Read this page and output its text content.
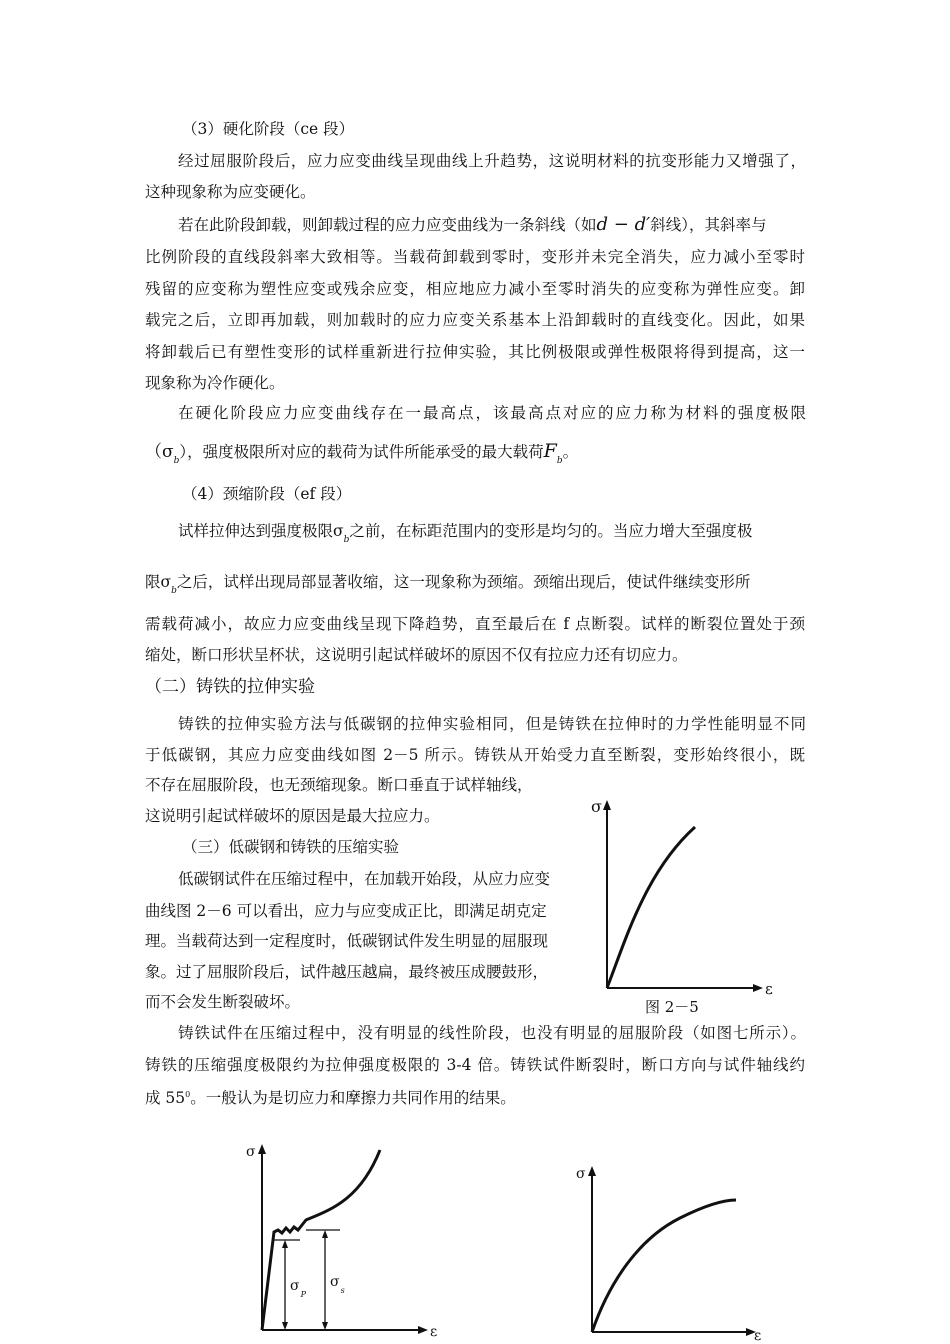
（3）硬化阶段（ce 段）
经过屈服阶段后，应力应变曲线呈现曲线上升趋势，这说明材料的抗变形能力又增强了，
这种现象称为应变硬化。
若在此阶段卸载，则卸载过程的应力应变曲线为一条斜线（如d − d′斜线），其斜率与
比例阶段的直线段斜率大致相等。当载荷卸载到零时，变形并未完全消失，应力减小至零时
残留的应变称为塑性应变或残余应变，相应地应力减小至零时消失的应变称为弹性应变。卸
载完之后，立即再加载，则加载时的应力应变关系基本上沿卸载时的直线变化。因此，如果
将卸载后已有塑性变形的试样重新进行拉伸实验，其比例极限或弹性极限将得到提高，这一
现象称为冷作硬化。
在硬化阶段应力应变曲线存在一最高点，该最高点对应的应力称为材料的强度极限
$(\sigma_b)$，强度极限所对应的载荷为试件所能承受的最大载荷$F_b$。
（4）颈缩阶段（ef 段）
试样拉伸达到强度极限$\sigma_b$之前，在标距范围内的变形是均匀的。当应力增大至强度极
限$\sigma_b$之后，试样出现局部显著收缩，这一现象称为颈缩。颈缩出现后，使试件继续变形所
需载荷减小，故应力应变曲线呈现下降趋势，直至最后在 f 点断裂。试样的断裂位置处于颈
缩处，断口形状呈杯状，这说明引起试样破坏的原因不仅有拉应力还有切应力。
（二）铸铁的拉伸实验
铸铁的拉伸实验方法与低碳钢的拉伸实验相同，但是铸铁在拉伸时的力学性能明显不同
于低碳钢，其应力应变曲线如图 2－5 所示。铸铁从开始受力直至断裂，变形始终很小，既
不存在屈服阶段，也无颈缩现象。断口垂直于试样轴线，
这说明引起试样破坏的原因是最大拉应力。
（三）低碳钢和铸铁的压缩实验
低碳钢试件在压缩过程中，在加载开始段，从应力应变
曲线图 2－6 可以看出，应力与应变成正比，即满足胡克定
理。当载荷达到一定程度时，低碳钢试件发生明显的屈服现
象。过了屈服阶段后，试件越压越扁，最终被压成腰鼓形，
而不会发生断裂破坏。
铸铁试件在压缩过程中，没有明显的线性阶段，也没有明显的屈服阶段（如图七所示）。
铸铁的压缩强度极限约为拉伸强度极限的 3-4 倍。铸铁试件断裂时，断口方向与试件轴线约
成 $55^0$。一般认为是切应力和摩擦力共同作用的结果。
σ
ε
图 2－5
σ
ε
$\sigma_P$
$\sigma_s$
σ
ε
